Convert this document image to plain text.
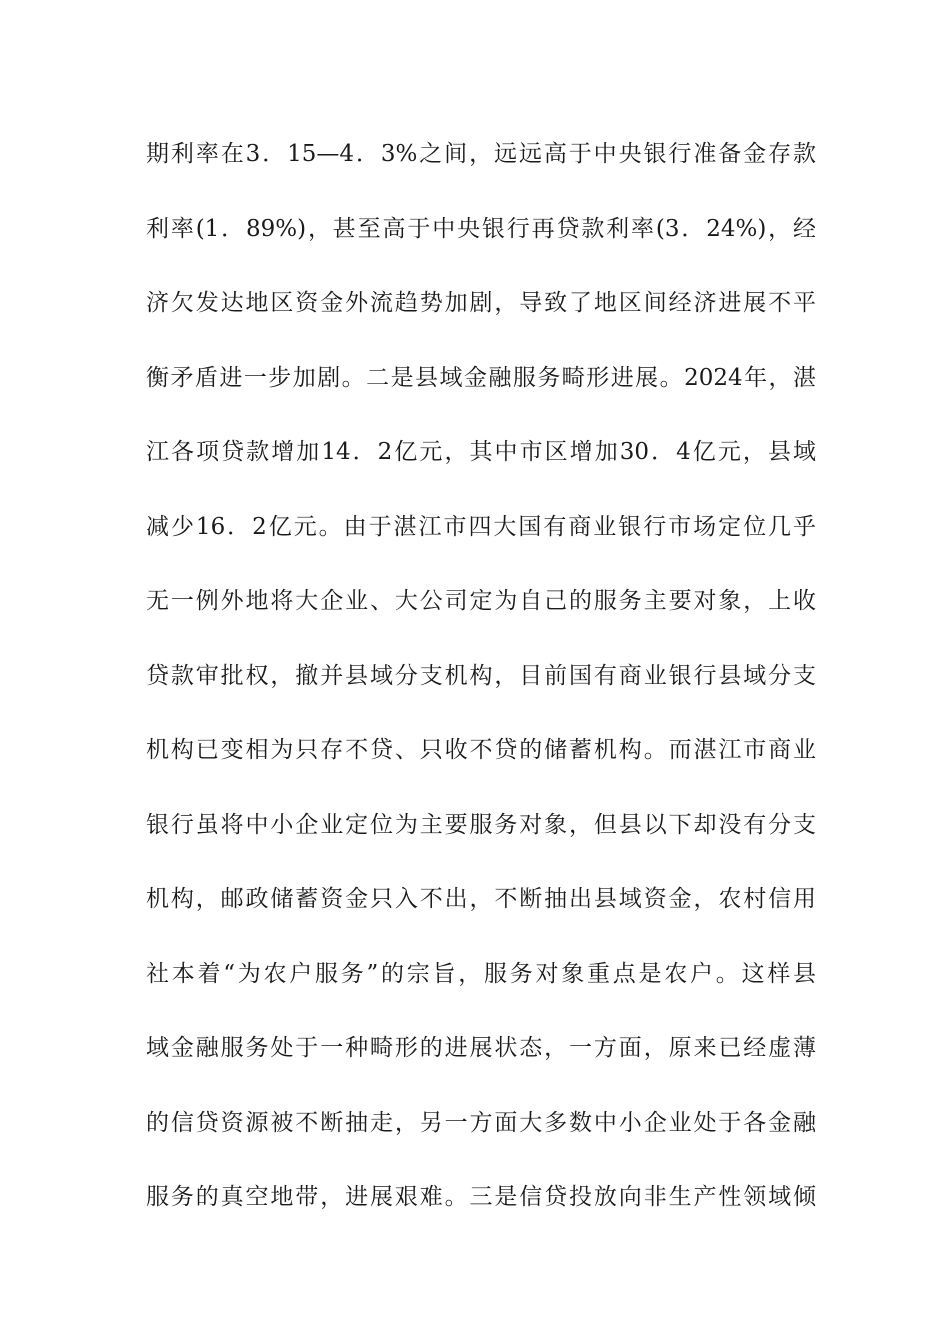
期利率在3．15—4．3%之间，远远高于中央银行准备金存款
利率(1．89%)，甚至高于中央银行再贷款利率(3．24%)，经
济欠发达地区资金外流趋势加剧，导致了地区间经济进展不平
衡矛盾进一步加剧。二是县域金融服务畸形进展。2024年，湛
江各项贷款增加14．2亿元，其中市区增加30．4亿元，县域
减少16．2亿元。由于湛江市四大国有商业银行市场定位几乎
无一例外地将大企业、大公司定为自己的服务主要对象，上收
贷款审批权，撤并县域分支机构，目前国有商业银行县域分支
机构已变相为只存不贷、只收不贷的储蓄机构。而湛江市商业
银行虽将中小企业定位为主要服务对象，但县以下却没有分支
机构，邮政储蓄资金只入不出，不断抽出县域资金，农村信用
社本着“为农户服务”的宗旨，服务对象重点是农户。这样县
域金融服务处于一种畸形的进展状态，一方面，原来已经虚薄
的信贷资源被不断抽走，另一方面大多数中小企业处于各金融
服务的真空地带，进展艰难。三是信贷投放向非生产性领域倾
